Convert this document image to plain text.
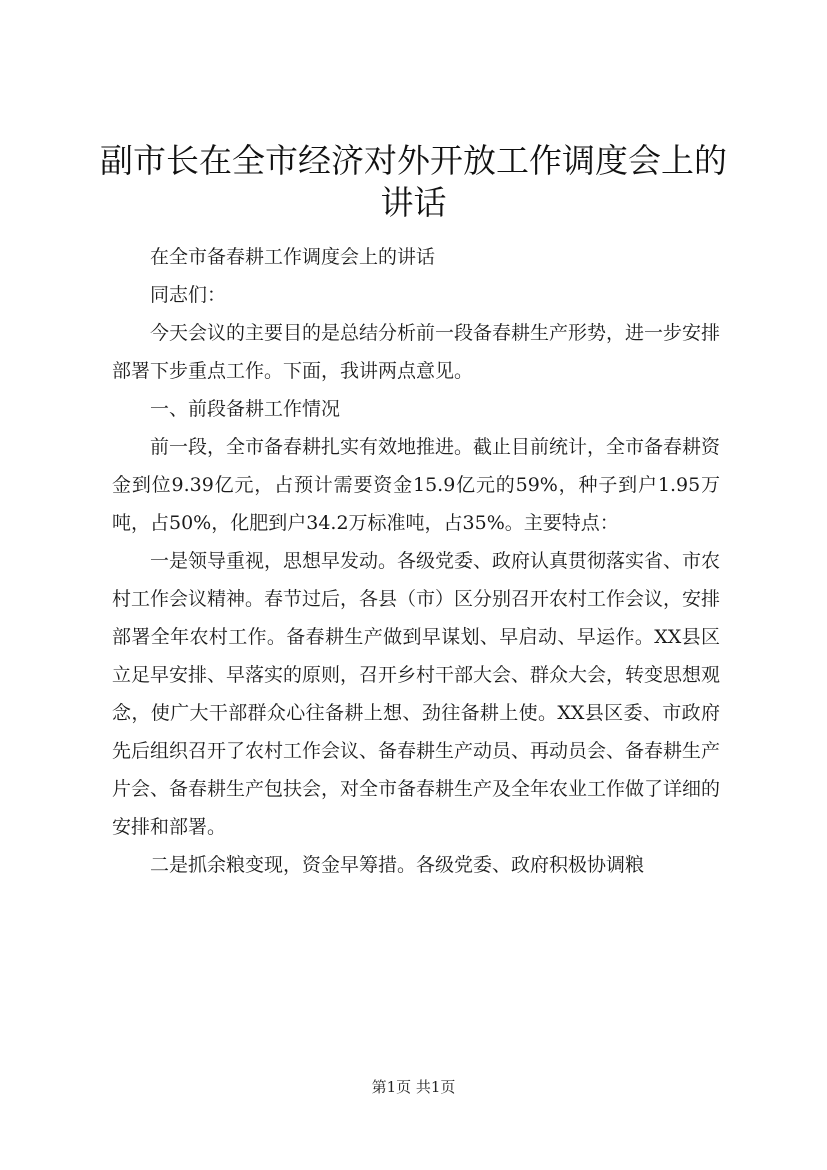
副市长在全市经济对外开放工作调度会上的讲话

在全市备春耕工作调度会上的讲话

同志们：

今天会议的主要目的是总结分析前一段备春耕生产形势，进一步安排部署下步重点工作。下面，我讲两点意见。

一、前段备耕工作情况

前一段，全市备春耕扎实有效地推进。截止目前统计，全市备春耕资金到位9.39亿元，占预计需要资金15.9亿元的59%，种子到户1.95万吨，占50%，化肥到户34.2万标准吨，占35%。主要特点：

一是领导重视，思想早发动。各级党委、政府认真贯彻落实省、市农村工作会议精神。春节过后，各县（市）区分别召开农村工作会议，安排部署全年农村工作。备春耕生产做到早谋划、早启动、早运作。XX县区立足早安排、早落实的原则，召开乡村干部大会、群众大会，转变思想观念，使广大干部群众心往备耕上想、劲往备耕上使。XX县区委、市政府先后组织召开了农村工作会议、备春耕生产动员、再动员会、备春耕生产片会、备春耕生产包扶会，对全市备春耕生产及全年农业工作做了详细的安排和部署。

二是抓余粮变现，资金早筹措。各级党委、政府积极协调粮

第1页 共1页
